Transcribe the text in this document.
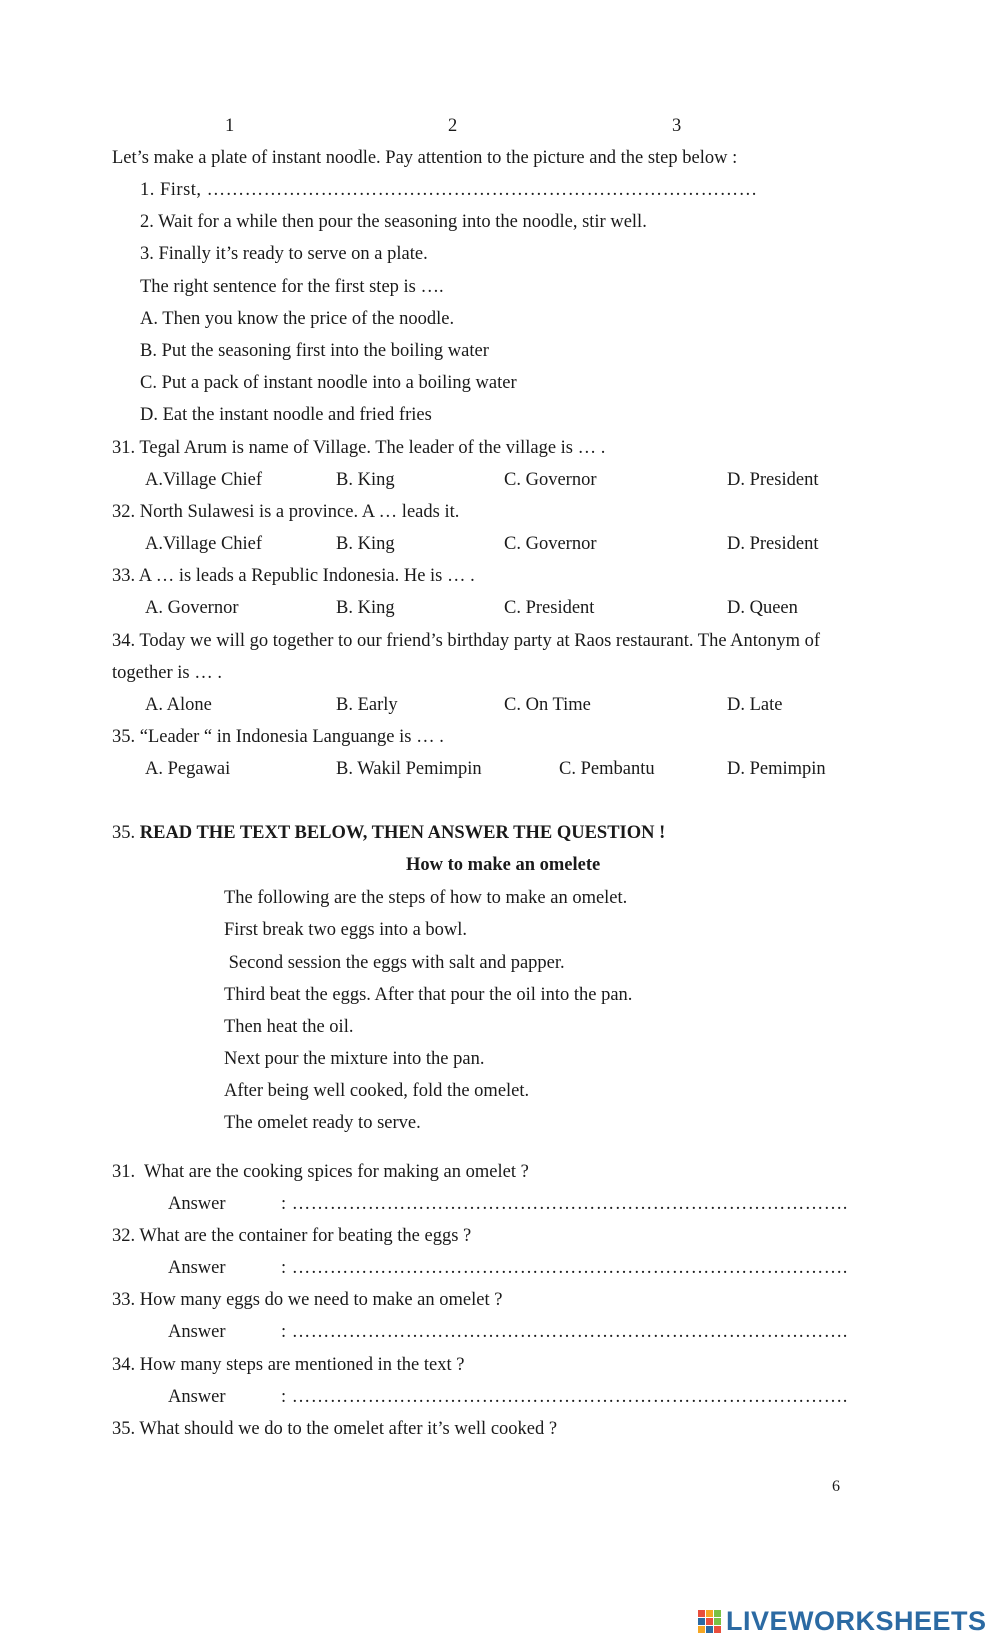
1	2	3
Let’s make a plate of instant noodle. Pay attention to the picture and the step below :
1. First, ……………………………………………………………………………
2. Wait for a while then pour the seasoning into the noodle, stir well.
3. Finally it’s ready to serve on a plate.
The right sentence for the first step is ….
A. Then you know the price of the noodle.
B. Put the seasoning first into the boiling water
C. Put a pack of instant noodle into a boiling water
D. Eat the instant noodle and fried fries
31. Tegal Arum is name of Village. The leader of the village is … .
A.Village Chief	B. King	C. Governor	D. President
32. North Sulawesi is a province. A … leads it.
A.Village Chief	B. King	C. Governor	D. President
33. A … is leads a Republic Indonesia. He is … .
A. Governor	B. King	C. President	D. Queen
34. Today we will go together to our friend’s birthday party at Raos restaurant. The Antonym of
together is … .
A. Alone	B. Early	C. On Time	D. Late
35. “Leader “ in Indonesia Languange is … .
A. Pegawai	B. Wakil Pemimpin	C. Pembantu	D. Pemimpin
35. READ THE TEXT BELOW, THEN ANSWER THE QUESTION !
How to make an omelete
The following are the steps of how to make an omelet.
First break two eggs into a bowl.
Second session the eggs with salt and papper.
Third beat the eggs. After that pour the oil into the pan.
Then heat the oil.
Next pour the mixture into the pan.
After being well cooked, fold the omelet.
The omelet ready to serve.
31.  What are the cooking spices for making an omelet ?
Answer	: …………………………………………………………………………….
32. What are the container for beating the eggs ?
Answer	: …………………………………………………………………………….
33. How many eggs do we need to make an omelet ?
Answer	: …………………………………………………………………………….
34. How many steps are mentioned in the text ?
Answer	: …………………………………………………………………………….
35. What should we do to the omelet after it’s well cooked ?
6
LIVEWORKSHEETS
